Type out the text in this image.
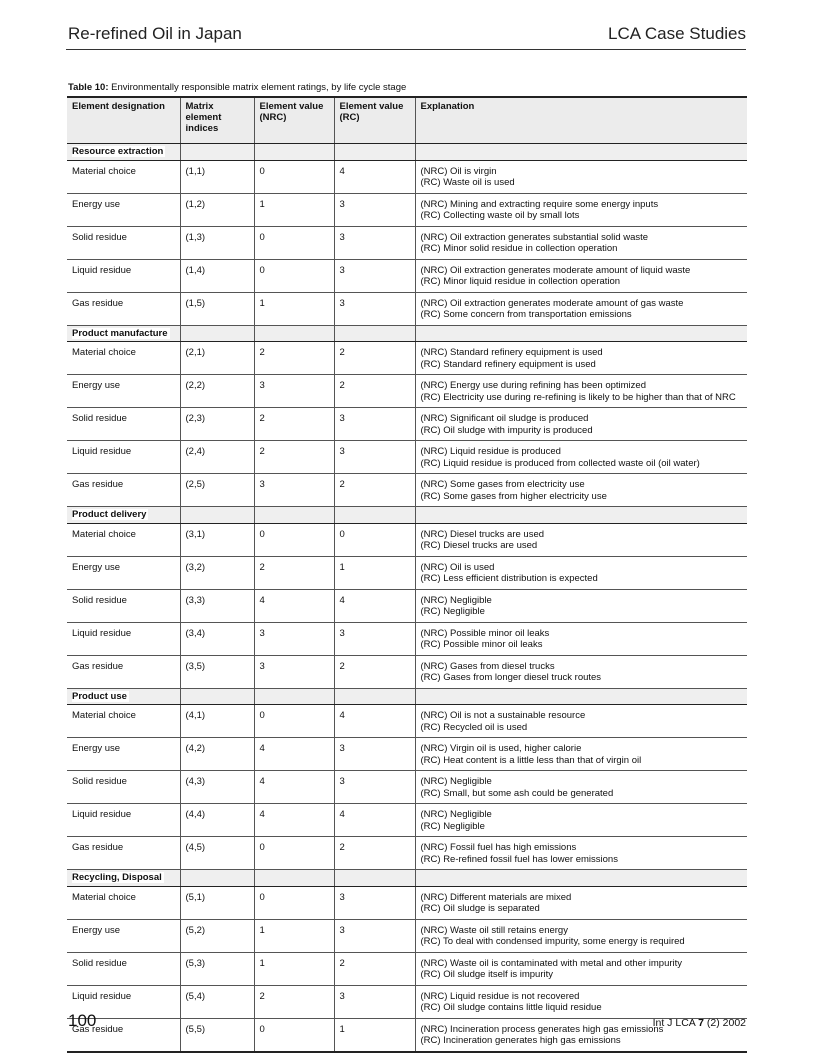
Re-refined Oil in Japan	LCA Case Studies
Table 10: Environmentally responsible matrix element ratings, by life cycle stage
Element designation	Matrix element indices	Element value (NRC)	Element value (RC)	Explanation
Resource extraction				
Material choice	(1,1)	0	4	(NRC) Oil is virgin
(RC) Waste oil is used

Energy use	(1,2)	1	3	(NRC) Mining and extracting require some energy inputs
(RC) Collecting waste oil by small lots

Solid residue	(1,3)	0	3	(NRC) Oil extraction generates substantial solid waste
(RC) Minor solid residue in collection operation

Liquid residue	(1,4)	0	3	(NRC) Oil extraction generates moderate amount of liquid waste
(RC) Minor liquid residue in collection operation

Gas residue	(1,5)	1	3	(NRC) Oil extraction generates moderate amount of gas waste
(RC) Some concern from transportation emissions

Product manufacture				
Material choice	(2,1)	2	2	(NRC) Standard refinery equipment is used
(RC) Standard refinery equipment is used

Energy use	(2,2)	3	2	(NRC) Energy use during refining has been optimized
(RC) Electricity use during re-refining is likely to be higher than that of NRC

Solid residue	(2,3)	2	3	(NRC) Significant oil sludge is produced
(RC) Oil sludge with impurity is produced

Liquid residue	(2,4)	2	3	(NRC) Liquid residue is produced
(RC) Liquid residue is produced from collected waste oil (oil water)

Gas residue	(2,5)	3	2	(NRC) Some gases from electricity use
(RC) Some gases from higher electricity use

Product delivery				
Material choice	(3,1)	0	0	(NRC) Diesel trucks are used
(RC) Diesel trucks are used

Energy use	(3,2)	2	1	(NRC) Oil is used
(RC) Less efficient distribution is expected

Solid residue	(3,3)	4	4	(NRC) Negligible
(RC) Negligible

Liquid residue	(3,4)	3	3	(NRC) Possible minor oil leaks
(RC) Possible minor oil leaks

Gas residue	(3,5)	3	2	(NRC) Gases from diesel trucks
(RC) Gases from longer diesel truck routes

Product use				
Material choice	(4,1)	0	4	(NRC) Oil is not a sustainable resource
(RC) Recycled oil is used

Energy use	(4,2)	4	3	(NRC) Virgin oil is used, higher calorie
(RC) Heat content is a little less than that of virgin oil

Solid residue	(4,3)	4	3	(NRC) Negligible
(RC) Small, but some ash could be generated

Liquid residue	(4,4)	4	4	(NRC) Negligible
(RC) Negligible

Gas residue	(4,5)	0	2	(NRC) Fossil fuel has high emissions
(RC) Re-refined fossil fuel has lower emissions

Recycling, Disposal				
Material choice	(5,1)	0	3	(NRC) Different materials are mixed
(RC) Oil sludge is separated

Energy use	(5,2)	1	3	(NRC) Waste oil still retains energy
(RC) To deal with condensed impurity, some energy is required

Solid residue	(5,3)	1	2	(NRC) Waste oil is contaminated with metal and other impurity
(RC) Oil sludge itself is impurity

Liquid residue	(5,4)	2	3	(NRC) Liquid residue is not recovered
(RC) Oil sludge contains little liquid residue

Gas residue	(5,5)	0	1	(NRC) Incineration process generates high gas emissions
(RC) Incineration generates high gas emissions
100	Int J LCA 7 (2) 2002
